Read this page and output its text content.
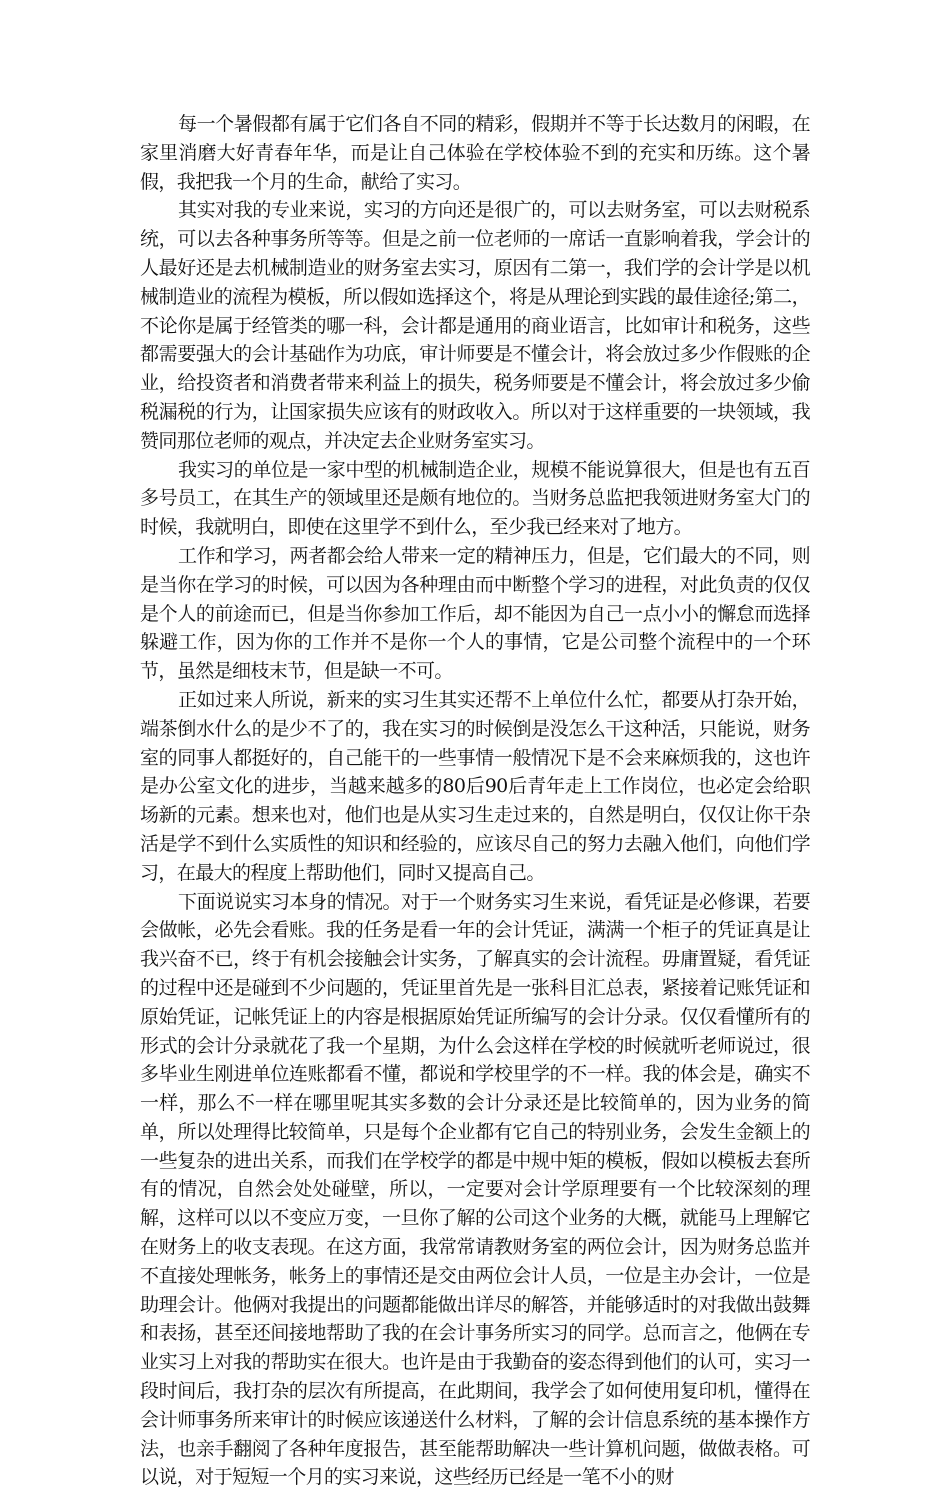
每一个暑假都有属于它们各自不同的精彩，假期并不等于长达数月的闲暇，在家里消磨大好青春年华，而是让自己体验在学校体验不到的充实和历练。这个暑假，我把我一个月的生命，献给了实习。

其实对我的专业来说，实习的方向还是很广的，可以去财务室，可以去财税系统，可以去各种事务所等等。但是之前一位老师的一席话一直影响着我，学会计的人最好还是去机械制造业的财务室去实习，原因有二第一，我们学的会计学是以机械制造业的流程为模板，所以假如选择这个，将是从理论到实践的最佳途径;第二，不论你是属于经管类的哪一科，会计都是通用的商业语言，比如审计和税务，这些都需要强大的会计基础作为功底，审计师要是不懂会计，将会放过多少作假账的企业，给投资者和消费者带来利益上的损失，税务师要是不懂会计，将会放过多少偷税漏税的行为，让国家损失应该有的财政收入。所以对于这样重要的一块领域，我赞同那位老师的观点，并决定去企业财务室实习。

我实习的单位是一家中型的机械制造企业，规模不能说算很大，但是也有五百多号员工，在其生产的领域里还是颇有地位的。当财务总监把我领进财务室大门的时候，我就明白，即使在这里学不到什么，至少我已经来对了地方。

工作和学习，两者都会给人带来一定的精神压力，但是，它们最大的不同，则是当你在学习的时候，可以因为各种理由而中断整个学习的进程，对此负责的仅仅是个人的前途而已，但是当你参加工作后，却不能因为自己一点小小的懈怠而选择躲避工作，因为你的工作并不是你一个人的事情，它是公司整个流程中的一个环节，虽然是细枝末节，但是缺一不可。

正如过来人所说，新来的实习生其实还帮不上单位什么忙，都要从打杂开始，端茶倒水什么的是少不了的，我在实习的时候倒是没怎么干这种活，只能说，财务室的同事人都挺好的，自己能干的一些事情一般情况下是不会来麻烦我的，这也许是办公室文化的进步，当越来越多的80后90后青年走上工作岗位，也必定会给职场新的元素。想来也对，他们也是从实习生走过来的，自然是明白，仅仅让你干杂活是学不到什么实质性的知识和经验的，应该尽自己的努力去融入他们，向他们学习，在最大的程度上帮助他们，同时又提高自己。

下面说说实习本身的情况。对于一个财务实习生来说，看凭证是必修课，若要会做帐，必先会看账。我的任务是看一年的会计凭证，满满一个柜子的凭证真是让我兴奋不已，终于有机会接触会计实务，了解真实的会计流程。毋庸置疑，看凭证的过程中还是碰到不少问题的，凭证里首先是一张科目汇总表，紧接着记账凭证和原始凭证，记帐凭证上的内容是根据原始凭证所编写的会计分录。仅仅看懂所有的形式的会计分录就花了我一个星期，为什么会这样在学校的时候就听老师说过，很多毕业生刚进单位连账都看不懂，都说和学校里学的不一样。我的体会是，确实不一样，那么不一样在哪里呢其实多数的会计分录还是比较简单的，因为业务的简单，所以处理得比较简单，只是每个企业都有它自己的特别业务，会发生金额上的一些复杂的进出关系，而我们在学校学的都是中规中矩的模板，假如以模板去套所有的情况，自然会处处碰壁，所以，一定要对会计学原理要有一个比较深刻的理解，这样可以以不变应万变，一旦你了解的公司这个业务的大概，就能马上理解它在财务上的收支表现。在这方面，我常常请教财务室的两位会计，因为财务总监并不直接处理帐务，帐务上的事情还是交由两位会计人员，一位是主办会计，一位是助理会计。他俩对我提出的问题都能做出详尽的解答，并能够适时的对我做出鼓舞和表扬，甚至还间接地帮助了我的在会计事务所实习的同学。总而言之，他俩在专业实习上对我的帮助实在很大。也许是由于我勤奋的姿态得到他们的认可，实习一段时间后，我打杂的层次有所提高，在此期间，我学会了如何使用复印机，懂得在会计师事务所来审计的时候应该递送什么材料，了解的会计信息系统的基本操作方法，也亲手翻阅了各种年度报告，甚至能帮助解决一些计算机问题，做做表格。可以说，对于短短一个月的实习来说，这些经历已经是一笔不小的财
